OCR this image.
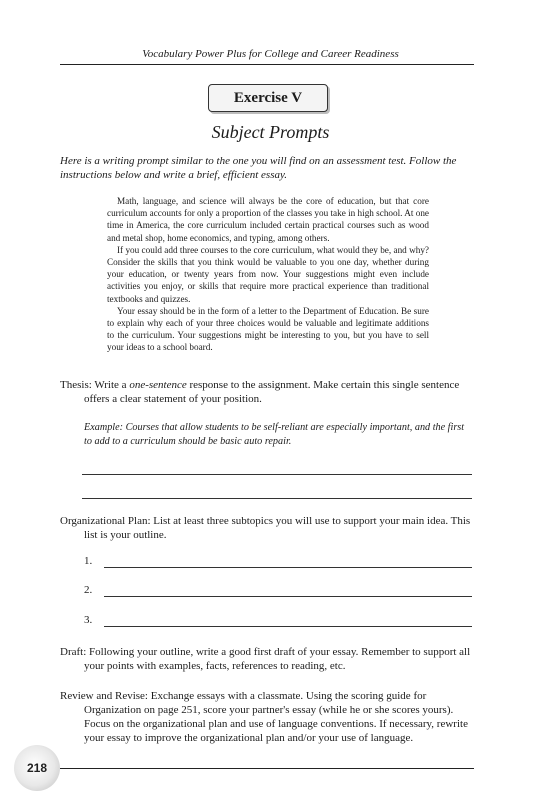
Vocabulary Power Plus for College and Career Readiness
Exercise V
Subject Prompts
Here is a writing prompt similar to the one you will find on an assessment test. Follow the instructions below and write a brief, efficient essay.

Math, language, and science will always be the core of education, but that core curriculum accounts for only a proportion of the classes you take in high school. At one time in America, the core curriculum included certain practical courses such as wood and metal shop, home economics, and typing, among others.

If you could add three courses to the core curriculum, what would they be, and why? Consider the skills that you think would be valuable to you one day, whether during your education, or twenty years from now. Your suggestions might even include activities you enjoy, or skills that require more practical experience than traditional textbooks and quizzes.

Your essay should be in the form of a letter to the Department of Education. Be sure to explain why each of your three choices would be valuable and legitimate additions to the curriculum. Your suggestions might be interesting to you, but you have to sell your ideas to a school board.

Thesis: Write a one-sentence response to the assignment. Make certain this single sentence offers a clear statement of your position.

Example: Courses that allow students to be self-reliant are especially important, and the first to add to a curriculum should be basic auto repair.

Organizational Plan: List at least three subtopics you will use to support your main idea. This list is your outline.

1.
2.
3.

Draft: Following your outline, write a good first draft of your essay. Remember to support all your points with examples, facts, references to reading, etc.

Review and Revise: Exchange essays with a classmate. Using the scoring guide for Organization on page 251, score your partner's essay (while he or she scores yours). Focus on the organizational plan and use of language conventions. If necessary, rewrite your essay to improve the organizational plan and/or your use of language.

218
